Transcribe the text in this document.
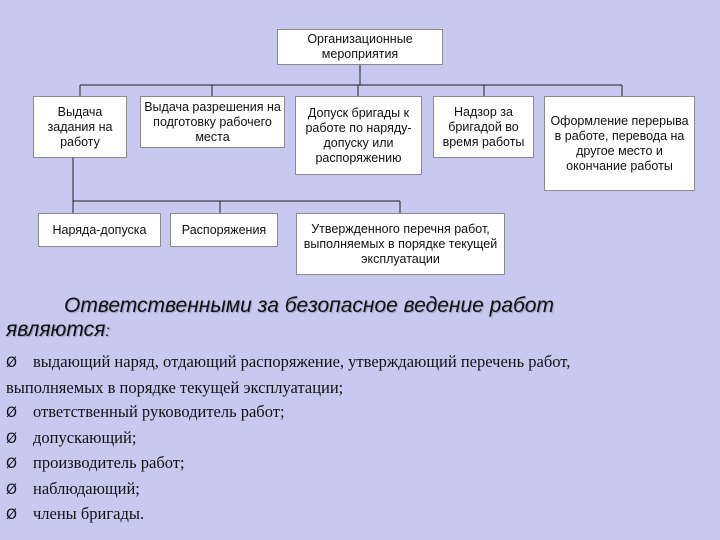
Организационные мероприятия
Выдача задания на работу
Выдача разрешения на подготовку рабочего места
Допуск бригады к работе по наряду-допуску или распоряжению
Надзор за бригадой во время работы
Оформление перерыва в работе, перевода на другое место и окончание работы
Наряда-допуска	Распоряжения	Утвержденного перечня работ, выполняемых в порядке текущей эксплуатации
Ответственными за безопасное ведение работ
являются:
Ø выдающий наряд, отдающий распоряжение, утверждающий перечень работ,
выполняемых в порядке текущей эксплуатации;
Ø ответственный руководитель работ;
Ø допускающий;
Ø производитель работ;
Ø наблюдающий;
Ø члены бригады.
